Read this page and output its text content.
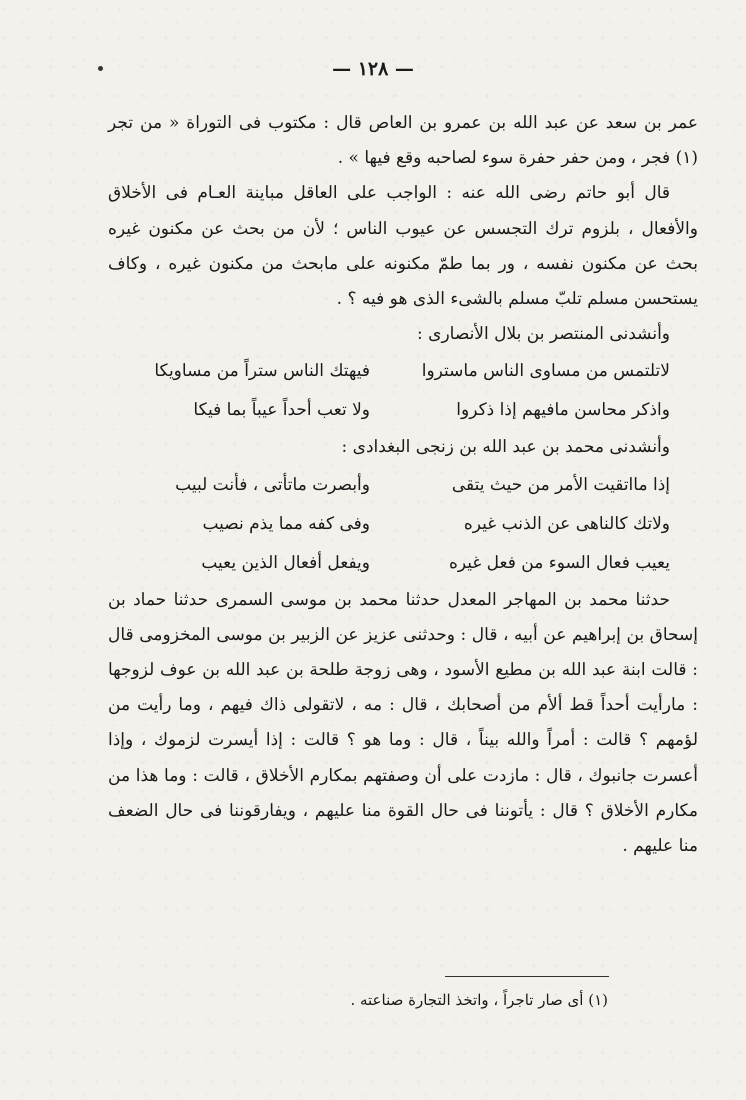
— ١٢٨ —

عمر بن سعد عن عبد الله بن عمرو بن العاص قال : مكتوب فى التوراة « من تجر (١) فجر ، ومن حفر حفرة سوء لصاحبه وقع فيها » .

قال أبو حاتم رضى الله عنه : الواجب على العاقل مباينة العـام فى الأخلاق والأفعال ، بلزوم ترك التجسس عن عيوب الناس ؛ لأن من بحث عن مكنون غيره بحث عن مكنون نفسه ، ور بما طمّ مكنونه على مابحث من مكنون غيره ، وكاف يستحسن مسلم تلبّ مسلم بالشىء الذى هو فيه ؟ .

وأنشدنى المنتصر بن بلال الأنصارى :

لاتلتمس من مساوى الناس ماستروا
فيهتك الناس ستراً من مساويكا
واذكر محاسن مافيهم إذا ذكروا
ولا تعب أحداً عيباً بما فيكا

وأنشدنى محمد بن عبد الله بن زنجى البغدادى :

إذا مااتقيت الأمر من حيث يتقى
وأبصرت ماتأتى ، فأنت لبيب
ولاتك كالناهى عن الذنب غيره
وفى كفه مما يذم نصيب
يعيب فعال السوء من فعل غيره
ويفعل أفعال الذين يعيب

حدثنا محمد بن المهاجر المعدل حدثنا محمد بن موسى السمرى حدثنا حماد بن إسحاق بن إبراهيم عن أبيه ، قال : وحدثنى عزيز عن الزبير بن موسى المخزومى قال : قالت ابنة عبد الله بن مطيع الأسود ، وهى زوجة طلحة بن عبد الله بن عوف لزوجها : مارأيت أحداً قط ألأم من أصحابك ، قال : مه ، لاتقولى ذاك فيهم ، وما رأيت من لؤمهم ؟ قالت : أمراً والله بيناً ، قال : وما هو ؟ قالت : إذا أيسرت لزموك ، وإذا أعسرت جانبوك ، قال : مازدت على أن وصفتهم بمكارم الأخلاق ، قالت : وما هذا من مكارم الأخلاق ؟ قال : يأتوننا فى حال القوة منا عليهم ، ويفارقوننا فى حال الضعف منا عليهم .

(١) أى صار تاجراً ، واتخذ التجارة صناعته .
